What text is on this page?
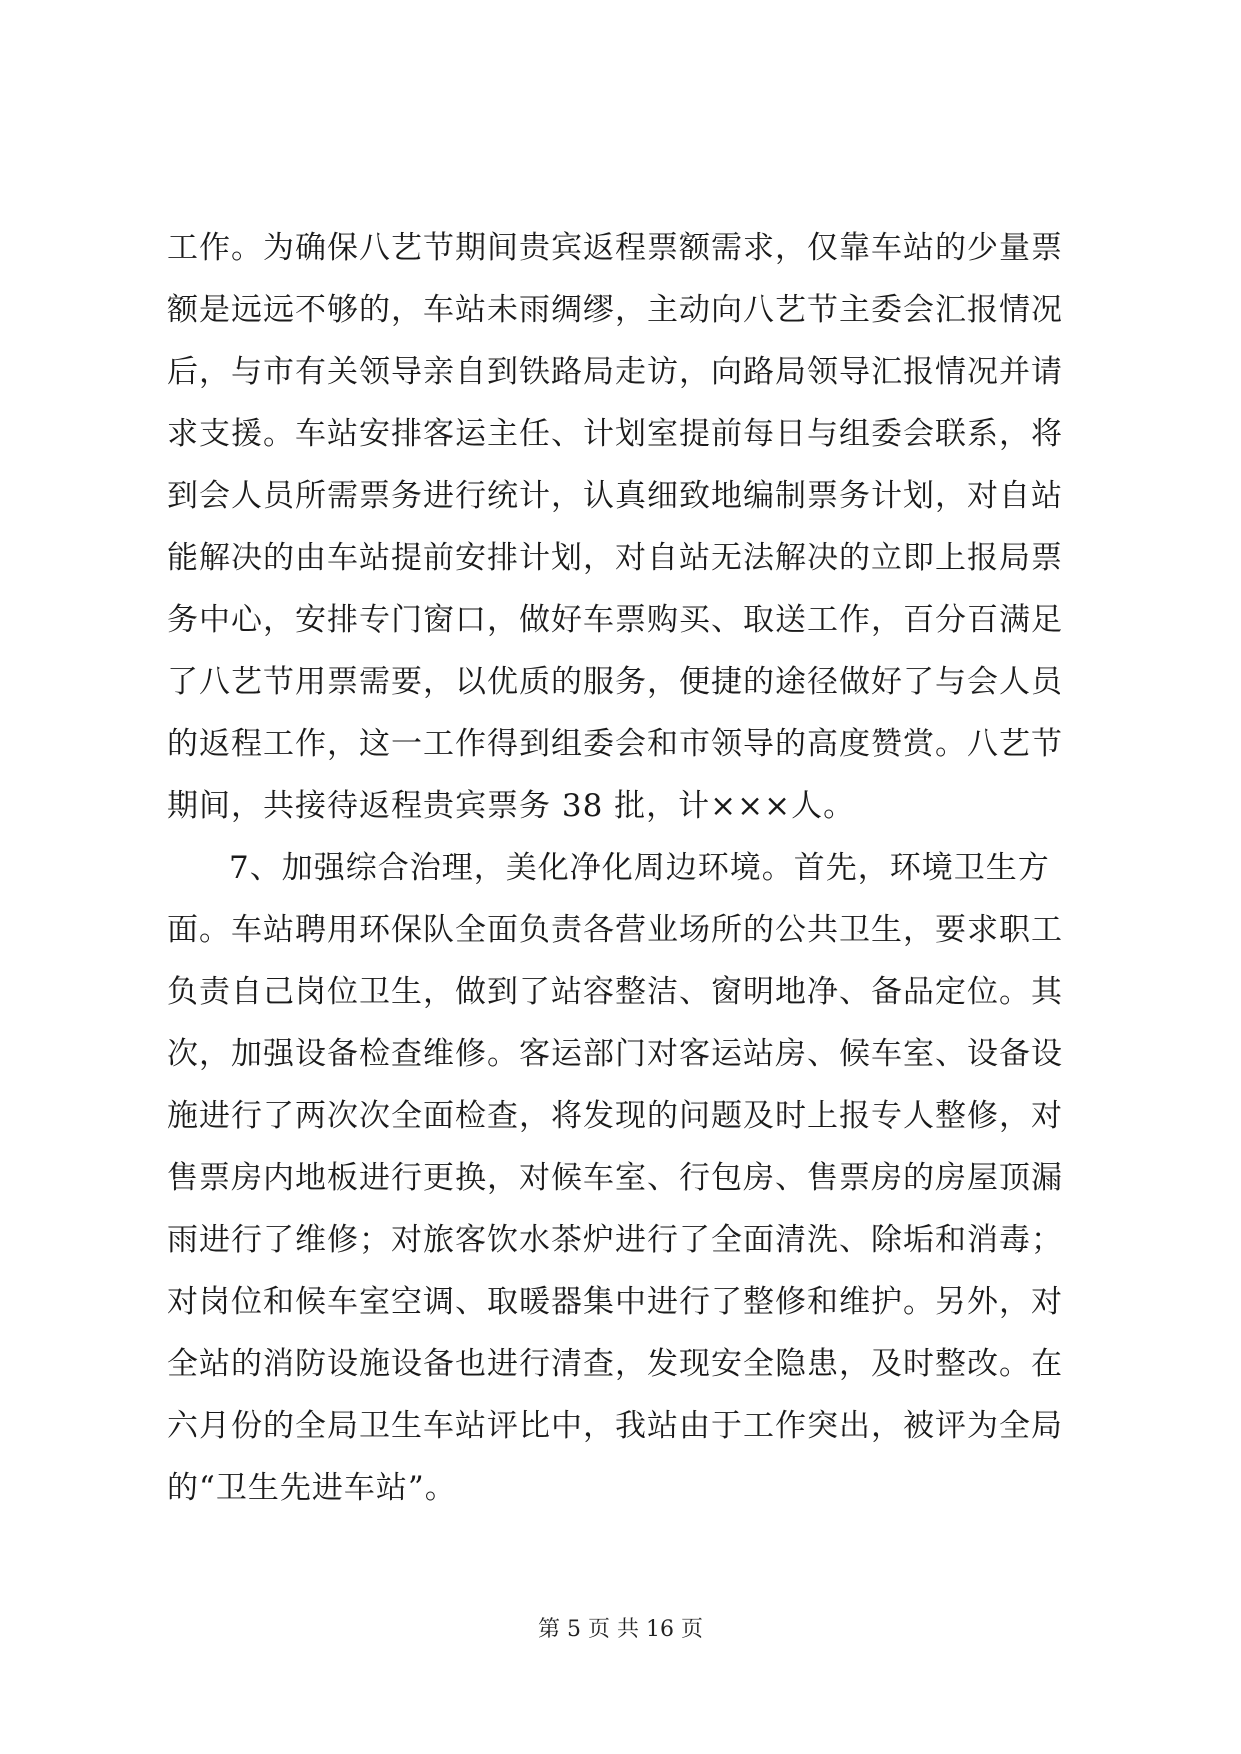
工作。为确保八艺节期间贵宾返程票额需求，仅靠车站的少量票
额是远远不够的，车站未雨绸缪，主动向八艺节主委会汇报情况
后，与市有关领导亲自到铁路局走访，向路局领导汇报情况并请
求支援。车站安排客运主任、计划室提前每日与组委会联系，将
到会人员所需票务进行统计，认真细致地编制票务计划，对自站
能解决的由车站提前安排计划，对自站无法解决的立即上报局票
务中心，安排专门窗口，做好车票购买、取送工作，百分百满足
了八艺节用票需要，以优质的服务，便捷的途径做好了与会人员
的返程工作，这一工作得到组委会和市领导的高度赞赏。八艺节
期间，共接待返程贵宾票务 38 批，计×××人。
7、加强综合治理，美化净化周边环境。首先，环境卫生方
面。车站聘用环保队全面负责各营业场所的公共卫生，要求职工
负责自己岗位卫生，做到了站容整洁、窗明地净、备品定位。其
次，加强设备检查维修。客运部门对客运站房、候车室、设备设
施进行了两次次全面检查，将发现的问题及时上报专人整修，对
售票房内地板进行更换，对候车室、行包房、售票房的房屋顶漏
雨进行了维修；对旅客饮水茶炉进行了全面清洗、除垢和消毒；
对岗位和候车室空调、取暖器集中进行了整修和维护。另外，对
全站的消防设施设备也进行清查，发现安全隐患，及时整改。在
六月份的全局卫生车站评比中，我站由于工作突出，被评为全局
的“卫生先进车站”。
第 5 页 共 16 页
